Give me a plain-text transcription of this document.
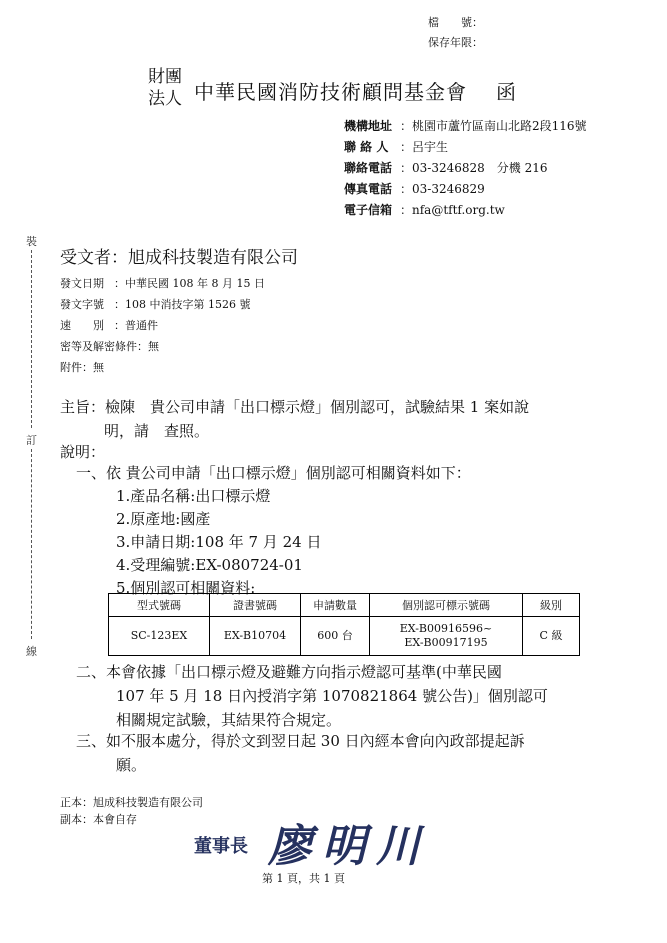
檔　　號：
保存年限：
財團
法人 中華民國消防技術顧問基金會 函
機構地址 ：桃園市蘆竹區南山北路2段116號
聯 絡 人 ：呂宇生
聯絡電話 ：03-3246828　分機 216
傳真電話 ：03-3246829
電子信箱 ：nfa@tftf.org.tw
裝
訂
線
受文者：旭成科技製造有限公司
發文日期 ：中華民國 108 年 8 月 15 日
發文字號 ：108 中消技字第 1526 號
速　　別 ：普通件
密等及解密條件：無
附件：無
主旨：檢陳　貴公司申請「出口標示燈」個別認可，試驗結果 1 案如說
明，請　查照。
說明：
一、依 貴公司申請「出口標示燈」個別認可相關資料如下：
1.產品名稱:出口標示燈
2.原產地:國產
3.申請日期:108 年 7 月 24 日
4.受理編號:EX-080724-01
5.個別認可相關資料:
型式號碼	證書號碼	申請數量	個別認可標示號碼	級別
SC-123EX	EX-B10704	600 台	EX-B00916596~
EX-B00917195	C 級
二、本會依據「出口標示燈及避難方向指示燈認可基準(中華民國
107 年 5 月 18 日內授消字第 1070821864 號公告)」個別認可
相關規定試驗，其結果符合規定。
三、如不服本處分，得於文到翌日起 30 日內經本會向內政部提起訴
願。
正本：旭成科技製造有限公司
副本：本會自存
董事長 廖明川
第 1 頁，共 1 頁
